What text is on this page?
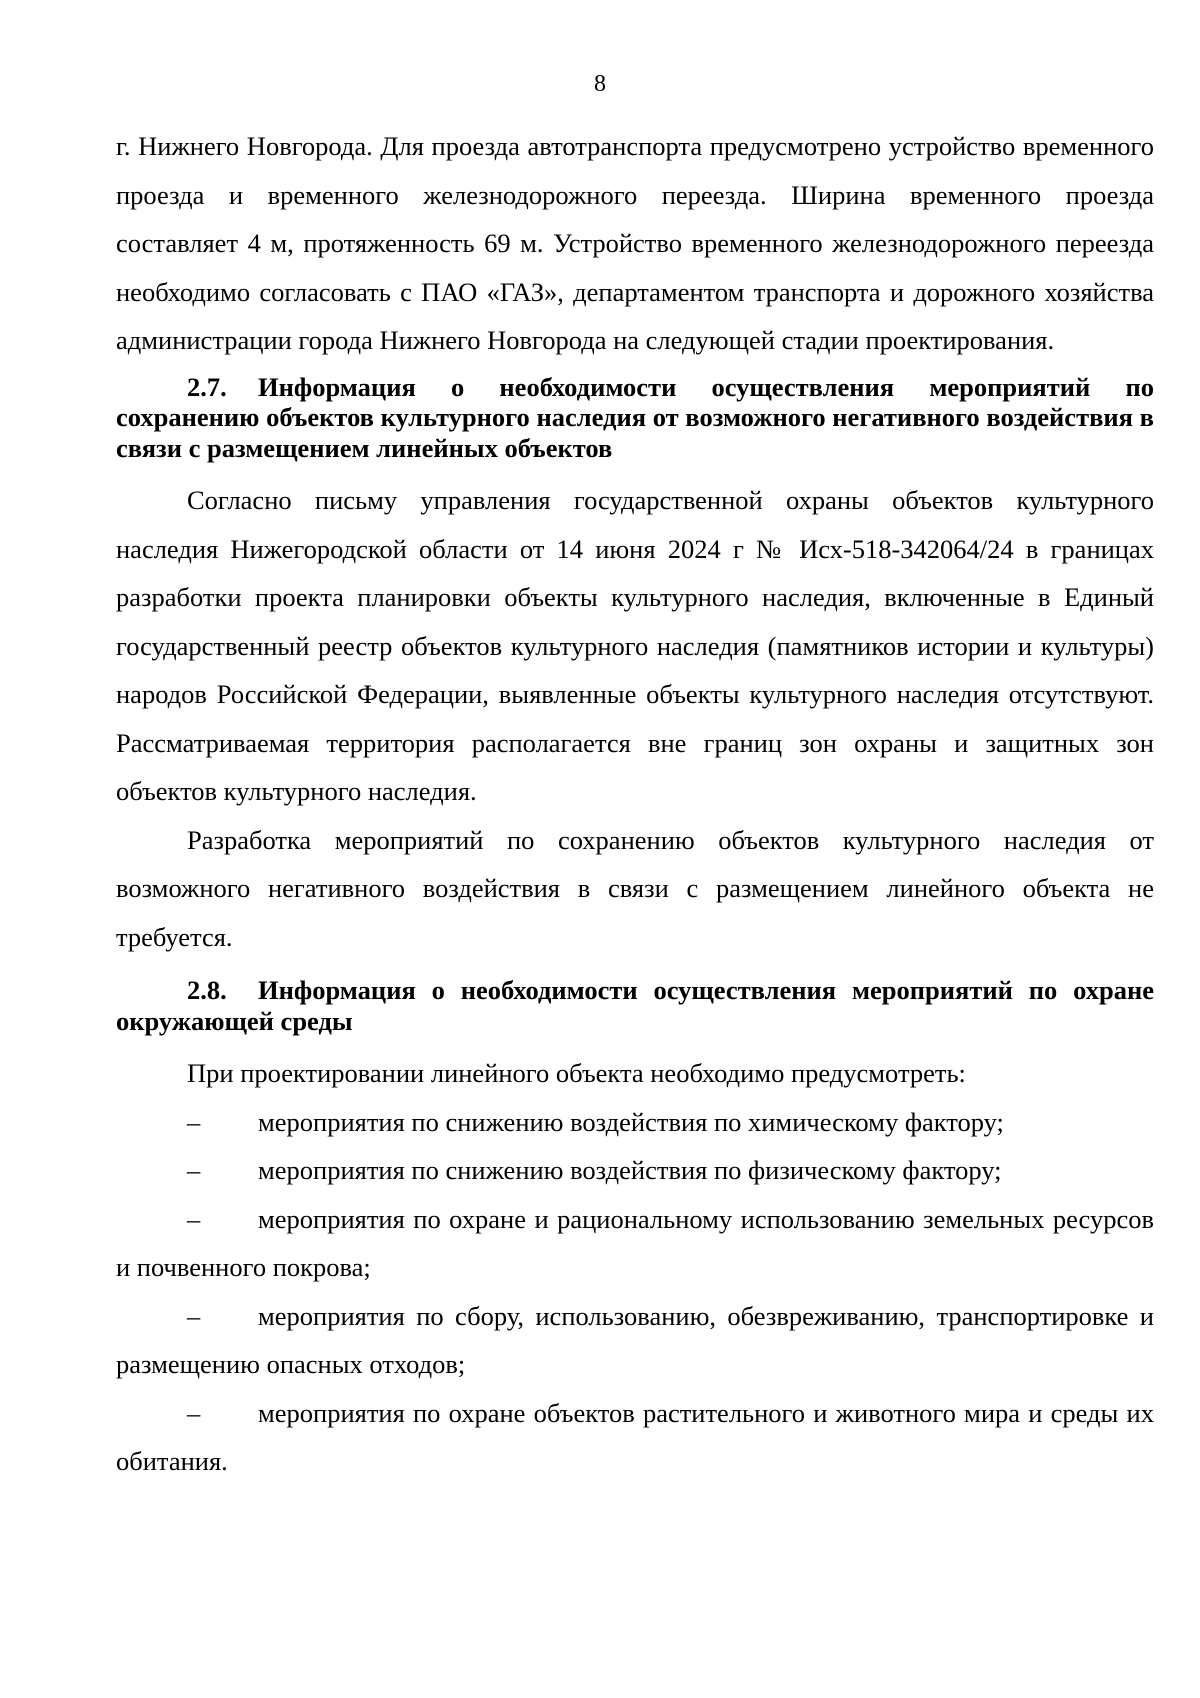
8

г. Нижнего Новгорода. Для проезда автотранспорта предусмотрено устройство временного проезда и временного железнодорожного переезда. Ширина временного проезда составляет 4 м, протяженность 69 м. Устройство временного железнодорожного переезда необходимо согласовать с ПАО «ГАЗ», департаментом транспорта и дорожного хозяйства администрации города Нижнего Новгорода на следующей стадии проектирования.

2.7. Информация о необходимости осуществления мероприятий по сохранению объектов культурного наследия от возможного негативного воздействия в связи с размещением линейных объектов

Согласно письму управления государственной охраны объектов культурного наследия Нижегородской области от 14 июня 2024 г № Исх-518-342064/24 в границах разработки проекта планировки объекты культурного наследия, включенные в Единый государственный реестр объектов культурного наследия (памятников истории и культуры) народов Российской Федерации, выявленные объекты культурного наследия отсутствуют. Рассматриваемая территория располагается вне границ зон охраны и защитных зон объектов культурного наследия.

Разработка мероприятий по сохранению объектов культурного наследия от возможного негативного воздействия в связи с размещением линейного объекта не требуется.

2.8. Информация о необходимости осуществления мероприятий по охране окружающей среды

При проектировании линейного объекта необходимо предусмотреть:

– мероприятия по снижению воздействия по химическому фактору;

– мероприятия по снижению воздействия по физическому фактору;

– мероприятия по охране и рациональному использованию земельных ресурсов и почвенного покрова;

– мероприятия по сбору, использованию, обезвреживанию, транспортировке и размещению опасных отходов;

– мероприятия по охране объектов растительного и животного мира и среды их обитания.
